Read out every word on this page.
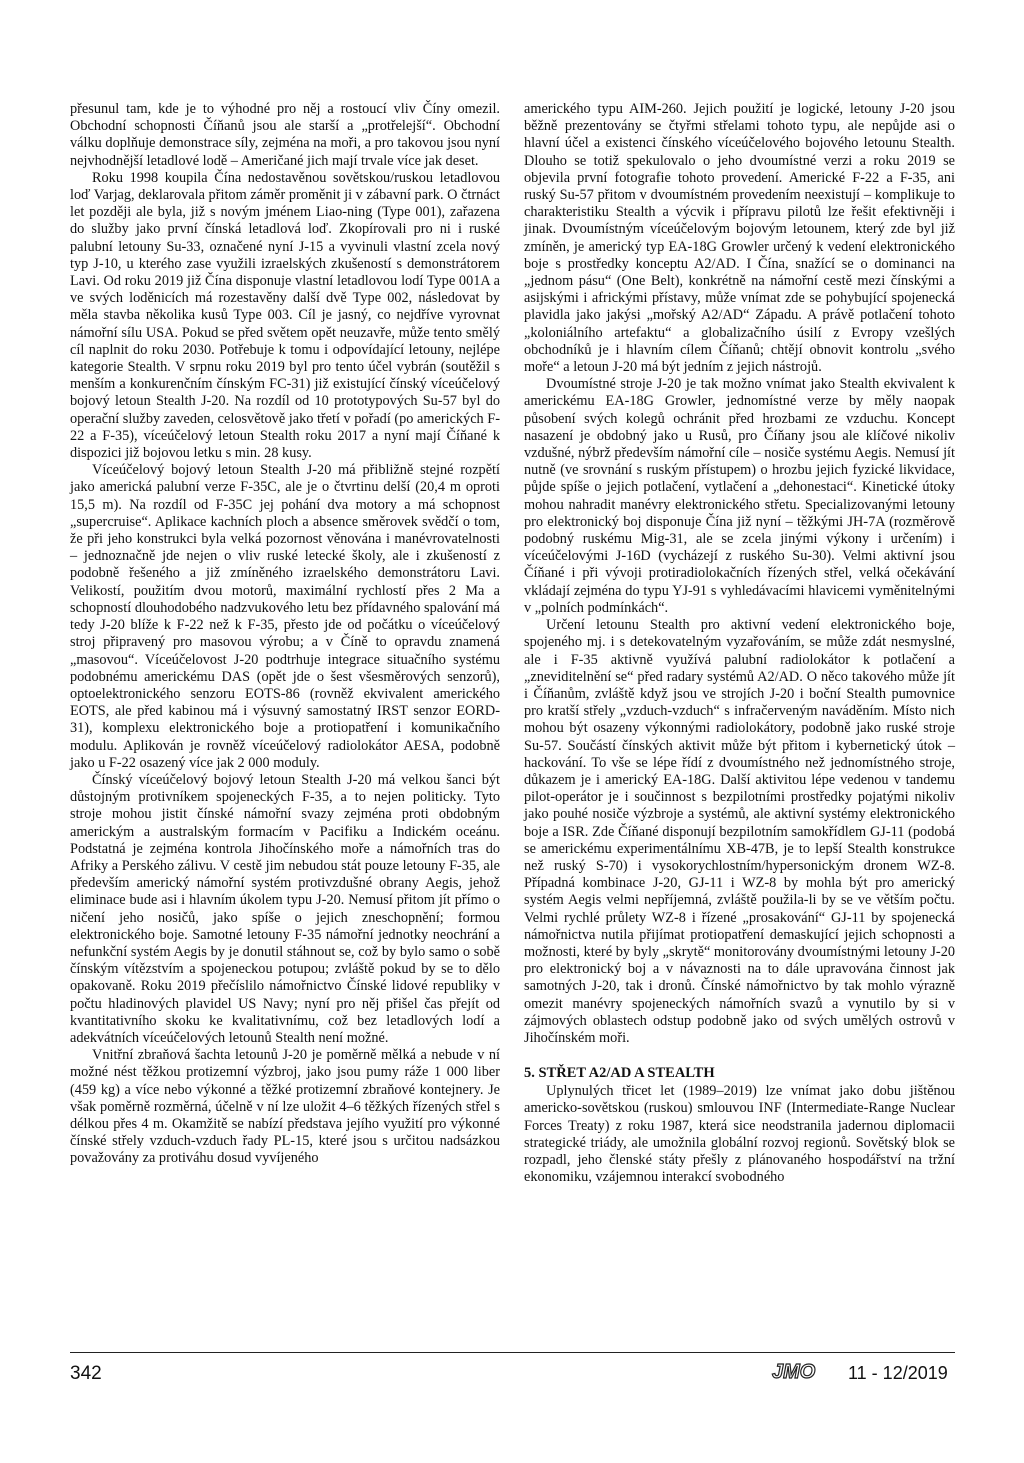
přesunul tam, kde je to výhodné pro něj a rostoucí vliv Číny omezil. Obchodní schopnosti Číňanů jsou ale starší a „protřelejší“. Obchodní válku doplňuje demonstrace síly, zejména na moři, a pro takovou jsou nyní nejvhodnější letadlové lodě – Američané jich mají trvale více jak deset.

Roku 1998 koupila Čína nedostavěnou sovětskou/ruskou letadlovou loď Varjag, deklarovala přitom záměr proměnit ji v zábavní park. O čtrnáct let později ale byla, již s novým jménem Liao-ning (Type 001), zařazena do služby jako první čínská letadlová loď. Zkopírovali pro ni i ruské palubní letouny Su-33, označené nyní J-15 a vyvinuli vlastní zcela nový typ J-10, u kterého zase využili izraelských zkušeností s demonstrátorem Lavi. Od roku 2019 již Čína disponuje vlastní letadlovou lodí Type 001A a ve svých loděnicích má rozestavěny další dvě Type 002, následovat by měla stavba několika kusů Type 003. Cíl je jasný, co nejdříve vyrovnat námořní sílu USA. Pokud se před světem opět neuzavře, může tento smělý cíl naplnit do roku 2030. Potřebuje k tomu i odpovídající letouny, nejlépe kategorie Stealth. V srpnu roku 2019 byl pro tento účel vybrán (soutěžil s menším a konkurenčním čínským FC-31) již existující čínský víceúčelový bojový letoun Stealth J-20. Na rozdíl od 10 prototypových Su-57 byl do operační služby zaveden, celosvětově jako třetí v pořadí (po amerických F-22 a F-35), víceúčelový letoun Stealth roku 2017 a nyní mají Číňané k dispozici již bojovou letku s min. 28 kusy.

Víceúčelový bojový letoun Stealth J-20 má přibližně stejné rozpětí jako americká palubní verze F-35C, ale je o čtvrtinu delší (20,4 m oproti 15,5 m). Na rozdíl od F-35C jej pohání dva motory a má schopnost „supercruise“. Aplikace kachních ploch a absence směrovek svědčí o tom, že při jeho konstrukci byla velká pozornost věnována i manévrovatelnosti – jednoznačně jde nejen o vliv ruské letecké školy, ale i zkušeností z podobně řešeného a již zmíněného izraelského demonstrátoru Lavi. Velikostí, použitím dvou motorů, maximální rychlostí přes 2 Ma a schopností dlouhodobého nadzvukového letu bez přídavného spalování má tedy J-20 blíže k F-22 než k F-35, přesto jde od počátku o víceúčelový stroj připravený pro masovou výrobu; a v Číně to opravdu znamená „masovou“. Víceúčelovost J-20 podtrhuje integrace situačního systému podobnému americkému DAS (opět jde o šest všesměrových senzorů), optoelektronického senzoru EOTS-86 (rovněž ekvivalent amerického EOTS, ale před kabinou má i výsuvný samostatný IRST senzor EORD-31), komplexu elektronického boje a protiopatření i komunikačního modulu. Aplikován je rovněž víceúčelový radiolokátor AESA, podobně jako u F-22 osazený více jak 2 000 moduly.

Čínský víceúčelový bojový letoun Stealth J-20 má velkou šanci být důstojným protivníkem spojeneckých F-35, a to nejen politicky. Tyto stroje mohou jistit čínské námořní svazy zejména proti obdobným americkým a australským formacím v Pacifiku a Indickém oceánu. Podstatná je zejména kontrola Jihočínského moře a námořních tras do Afriky a Perského zálivu. V cestě jim nebudou stát pouze letouny F-35, ale především americký námořní systém protivzdušné obrany Aegis, jehož eliminace bude asi i hlavním úkolem typu J-20. Nemusí přitom jít přímo o ničení jeho nosičů, jako spíše o jejich zneschopnění; formou elektronického boje. Samotné letouny F-35 námořní jednotky neochrání a nefunkční systém Aegis by je donutil stáhnout se, což by bylo samo o sobě čínským vítězstvím a spojeneckou potupou; zvláště pokud by se to dělo opakovaně. Roku 2019 přečíslilo námořnictvo Čínské lidové republiky v počtu hladinových plavidel US Navy; nyní pro něj přišel čas přejít od kvantitativního skoku ke kvalitativnímu, což bez letadlových lodí a adekvátních víceúčelových letounů Stealth není možné.

Vnitřní zbraňová šachta letounů J-20 je poměrně mělká a nebude v ní možné nést těžkou protizemní výzbroj, jako jsou pumy ráže 1 000 liber (459 kg) a více nebo výkonné a těžké protizemní zbraňové kontejnery. Je však poměrně rozměrná, účelně v ní lze uložit 4–6 těžkých řízených střel s délkou přes 4 m. Okamžitě se nabízí představa jejího využití pro výkonné čínské střely vzduch-vzduch řady PL-15, které jsou s určitou nadsázkou považovány za protiváhu dosud vyvíjeného

amerického typu AIM-260. Jejich použití je logické, letouny J-20 jsou běžně prezentovány se čtyřmi střelami tohoto typu, ale nepůjde asi o hlavní účel a existenci čínského víceúčelového bojového letounu Stealth. Dlouho se totiž spekulovalo o jeho dvoumístné verzi a roku 2019 se objevila první fotografie tohoto provedení. Americké F-22 a F-35, ani ruský Su-57 přitom v dvoumístném provedením neexistují – komplikuje to charakteristiku Stealth a výcvik i přípravu pilotů lze řešit efektivněji i jinak. Dvoumístným víceúčelovým bojovým letounem, který zde byl již zmíněn, je americký typ EA-18G Growler určený k vedení elektronického boje s prostředky konceptu A2/AD. I Čína, snažící se o dominanci na „jednom pásu“ (One Belt), konkrétně na námořní cestě mezi čínskými a asijskými i africkými přístavy, může vnímat zde se pohybující spojenecká plavidla jako jakýsi „mořský A2/AD“ Západu. A právě potlačení tohoto „koloniálního artefaktu“ a globalizačního úsilí z Evropy vzešlých obchodníků je i hlavním cílem Číňanů; chtějí obnovit kontrolu „svého moře“ a letoun J-20 má být jedním z jejich nástrojů.

Dvoumístné stroje J-20 je tak možno vnímat jako Stealth ekvivalent k americkému EA-18G Growler, jednomístné verze by měly naopak působení svých kolegů ochránit před hrozbami ze vzduchu. Koncept nasazení je obdobný jako u Rusů, pro Číňany jsou ale klíčové nikoliv vzdušné, nýbrž především námořní cíle – nosiče systému Aegis. Nemusí jít nutně (ve srovnání s ruským přístupem) o hrozbu jejich fyzické likvidace, půjde spíše o jejich potlačení, vytlačení a „dehonestaci“. Kinetické útoky mohou nahradit manévry elektronického střetu. Specializovanými letouny pro elektronický boj disponuje Čína již nyní – těžkými JH-7A (rozměrově podobný ruskému Mig-31, ale se zcela jinými výkony i určením) i víceúčelovými J-16D (vycházejí z ruského Su-30). Velmi aktivní jsou Číňané i při vývoji protiradiolokačních řízených střel, velká očekávání vkládají zejména do typu YJ-91 s vyhledávacími hlavicemi vyměnitelnými v „polních podmínkách“.

Určení letounu Stealth pro aktivní vedení elektronického boje, spojeného mj. i s detekovatelným vyzařováním, se může zdát nesmyslné, ale i F-35 aktivně využívá palubní radiolokátor k potlačení a „zneviditelnění se“ před radary systémů A2/AD. O něco takového může jít i Číňanům, zvláště když jsou ve strojích J-20 i boční Stealth pumovnice pro kratší střely „vzduch-vzduch“ s infračerveným naváděním. Místo nich mohou být osazeny výkonnými radiolokátory, podobně jako ruské stroje Su-57. Součástí čínských aktivit může být přitom i kybernetický útok – hackování. To vše se lépe řídí z dvoumístného než jednomístného stroje, důkazem je i americký EA-18G. Další aktivitou lépe vedenou v tandemu pilot-operátor je i součinnost s bezpilotními prostředky pojatými nikoliv jako pouhé nosiče výzbroje a systémů, ale aktivní systémy elektronického boje a ISR. Zde Číňané disponují bezpilotním samokřídlem GJ-11 (podobá se americkému experimentálnímu XB-47B, je to lepší Stealth konstrukce než ruský S-70) i vysokorychlostním/hypersonickým dronem WZ-8. Případná kombinace J-20, GJ-11 i WZ-8 by mohla být pro americký systém Aegis velmi nepříjemná, zvláště použila-li by se ve větším počtu. Velmi rychlé průlety WZ-8 i řízené „prosakování“ GJ-11 by spojenecká námořnictva nutila přijímat protiopatření demaskující jejich schopnosti a možnosti, které by byly „skrytě“ monitorovány dvoumístnými letouny J-20 pro elektronický boj a v návaznosti na to dále upravována činnost jak samotných J-20, tak i dronů. Čínské námořnictvo by tak mohlo výrazně omezit manévry spojeneckých námořních svazů a vynutilo by si v zájmových oblastech odstup podobně jako od svých umělých ostrovů v Jihočínském moři.

5. STŘET A2/AD A STEALTH

Uplynulých třicet let (1989–2019) lze vnímat jako dobu jištěnou americko-sovětskou (ruskou) smlouvou INF (Intermediate-Range Nuclear Forces Treaty) z roku 1987, která sice neodstranila jadernou diplomacii strategické triády, ale umožnila globální rozvoj regionů. Sovětský blok se rozpadl, jeho členské státy přešly z plánovaného hospodářství na tržní ekonomiku, vzájemnou interakcí svobodného

342	JMO 11 - 12/2019
